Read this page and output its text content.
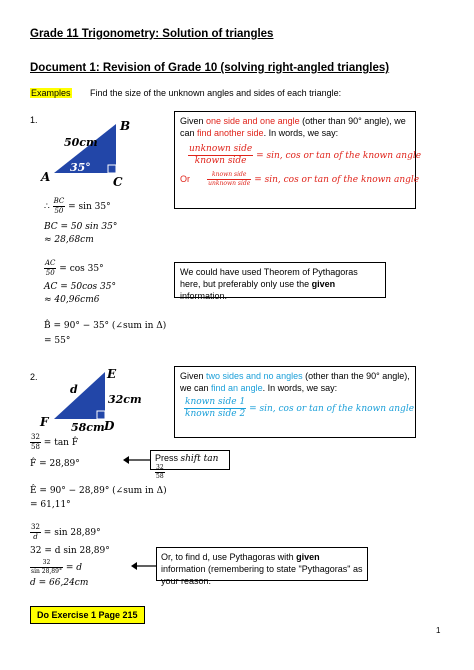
Grade 11 Trigonometry: Solution of triangles
Document 1: Revision of Grade 10 (solving right-angled triangles)
Examples Find the size of the unknown angles and sides of each triangle:
1.
50cm
35°
B
A	C
∴ $\frac{BC}{50} = \sin 35^\circ$
BC = 50 sin 35°
≈ 28,68cm
$\frac{AC}{50} = \cos 35^\circ$
AC = 50cos 35°
≈ 40,96cm6
B̂ = 90° − 35° (∠sum in Δ)
= 55°
Given one side and one angle (other than 90° angle), we can find another side. In words, we say:
$\frac{\text{unknown side}}{\text{known side}} = \sin$, cos or tan of the known angle
Or	$\frac{\text{known side}}{\text{unknown side}} = \sin$, cos or tan of the known angle
We could have used Theorem of Pythagoras here, but preferably only use the given information.
2.
d
32cm
58cm
E
F	D
$\frac{32}{58} = \tan$ F̂
F̂ = 28,89°
Ê = 90° − 28,89° (∠sum in Δ)
= 61,11°
$\frac{32}{d} = \sin 28,89^\circ$
32 = d sin 28,89°
$\frac{32}{\sin 28,89^\circ} = d$
d = 66,24cm
Given two sides and no angles (other than the 90° angle), we can find an angle. In words, we say:
$\frac{\text{known side 1}}{\text{known side 2}} = \sin$, cos or tan of the known angle
Press shift tan
$\frac{32}{58}$
Or, to find d, use Pythagoras with given information (remembering to state "Pythagoras" as your reason.
Do Exercise 1 Page 215
1
